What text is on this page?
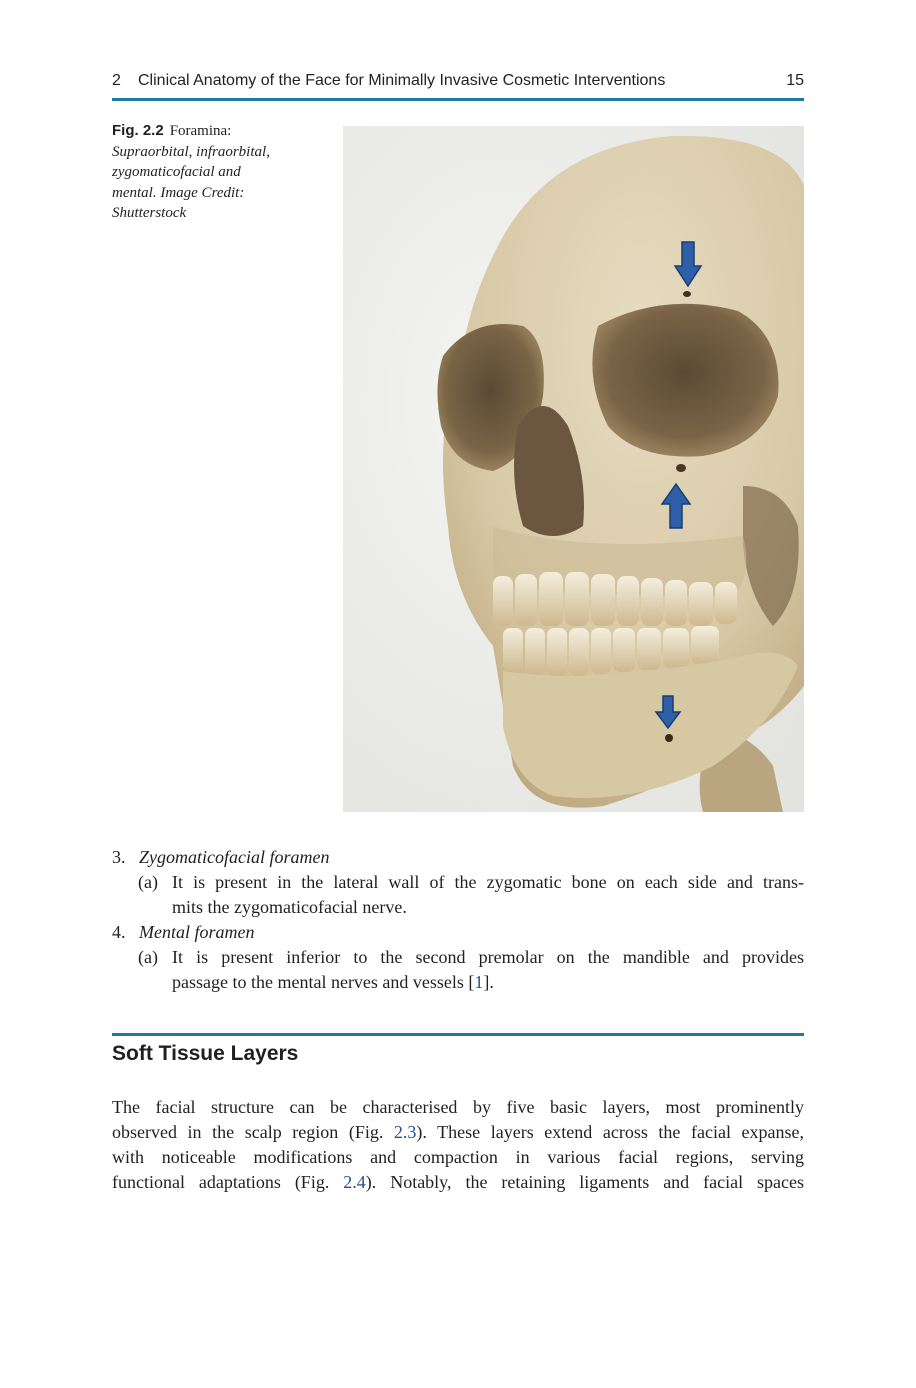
2 Clinical Anatomy of the Face for Minimally Invasive Cosmetic Interventions	15
Fig. 2.2 Foramina:
Supraorbital, infraorbital,
zygomaticofacial and
mental. Image Credit:
Shutterstock
3. Zygomaticofacial foramen
(a) It is present in the lateral wall of the zygomatic bone on each side and trans-
mits the zygomaticofacial nerve.
4. Mental foramen
(a) It is present inferior to the second premolar on the mandible and provides
passage to the mental nerves and vessels [1].
Soft Tissue Layers
The facial structure can be characterised by five basic layers, most prominently
observed in the scalp region (Fig. 2.3). These layers extend across the facial expanse,
with noticeable modifications and compaction in various facial regions, serving
functional adaptations (Fig. 2.4). Notably, the retaining ligaments and facial spaces
